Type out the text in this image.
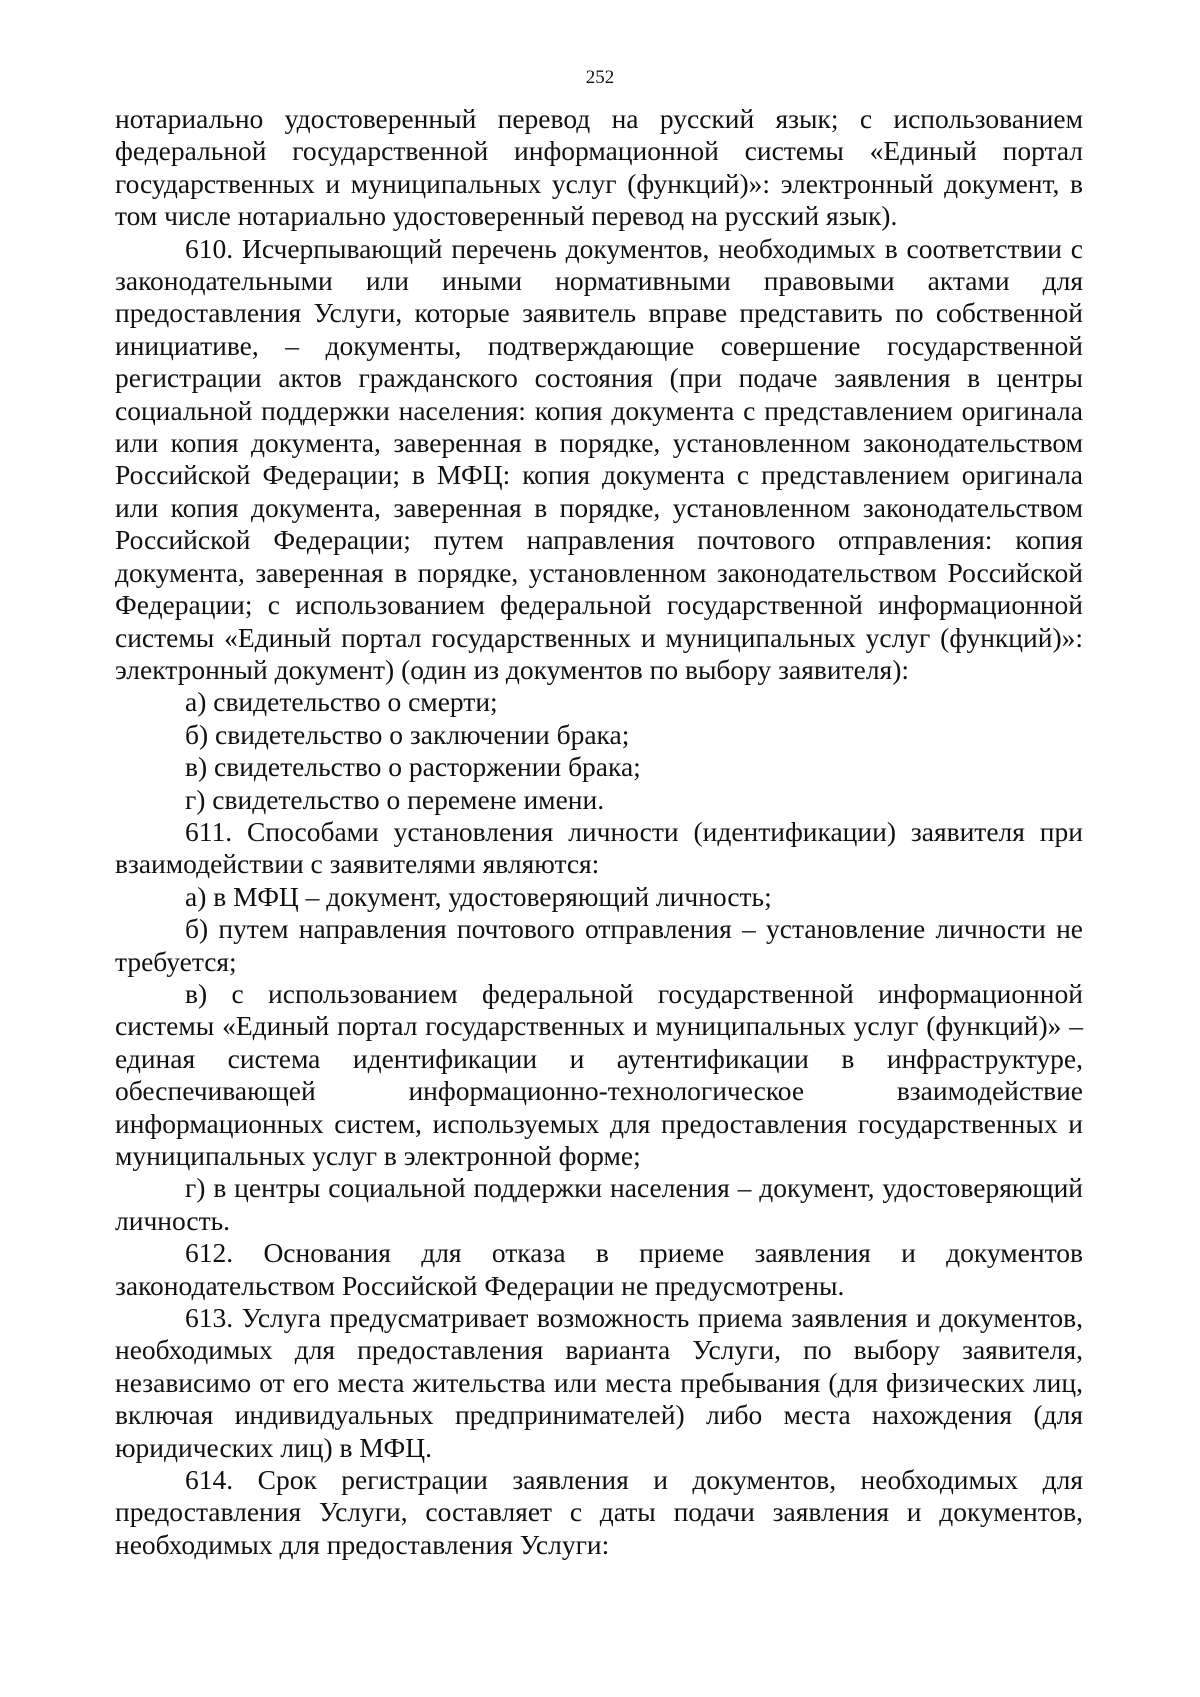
252

нотариально удостоверенный перевод на русский язык; с использованием федеральной государственной информационной системы «Единый портал государственных и муниципальных услуг (функций)»: электронный документ, в том числе нотариально удостоверенный перевод на русский язык).

610. Исчерпывающий перечень документов, необходимых в соответствии с законодательными или иными нормативными правовыми актами для предоставления Услуги, которые заявитель вправе представить по собственной инициативе, – документы, подтверждающие совершение государственной регистрации актов гражданского состояния (при подаче заявления в центры социальной поддержки населения: копия документа с представлением оригинала или копия документа, заверенная в порядке, установленном законодательством Российской Федерации; в МФЦ: копия документа с представлением оригинала или копия документа, заверенная в порядке, установленном законодательством Российской Федерации; путем направления почтового отправления: копия документа, заверенная в порядке, установленном законодательством Российской Федерации; с использованием федеральной государственной информационной системы «Единый портал государственных и муниципальных услуг (функций)»: электронный документ) (один из документов по выбору заявителя):

а) свидетельство о смерти;

б) свидетельство о заключении брака;

в) свидетельство о расторжении брака;

г) свидетельство о перемене имени.

611. Способами установления личности (идентификации) заявителя при взаимодействии с заявителями являются:

а) в МФЦ – документ, удостоверяющий личность;

б) путем направления почтового отправления – установление личности не требуется;

в) с использованием федеральной государственной информационной системы «Единый портал государственных и муниципальных услуг (функций)» – единая система идентификации и аутентификации в инфраструктуре, обеспечивающей информационно-технологическое взаимодействие информационных систем, используемых для предоставления государственных и муниципальных услуг в электронной форме;

г) в центры социальной поддержки населения – документ, удостоверяющий личность.

612. Основания для отказа в приеме заявления и документов законодательством Российской Федерации не предусмотрены.

613. Услуга предусматривает возможность приема заявления и документов, необходимых для предоставления варианта Услуги, по выбору заявителя, независимо от его места жительства или места пребывания (для физических лиц, включая индивидуальных предпринимателей) либо места нахождения (для юридических лиц) в МФЦ.

614. Срок регистрации заявления и документов, необходимых для предоставления Услуги, составляет с даты подачи заявления и документов, необходимых для предоставления Услуги:
